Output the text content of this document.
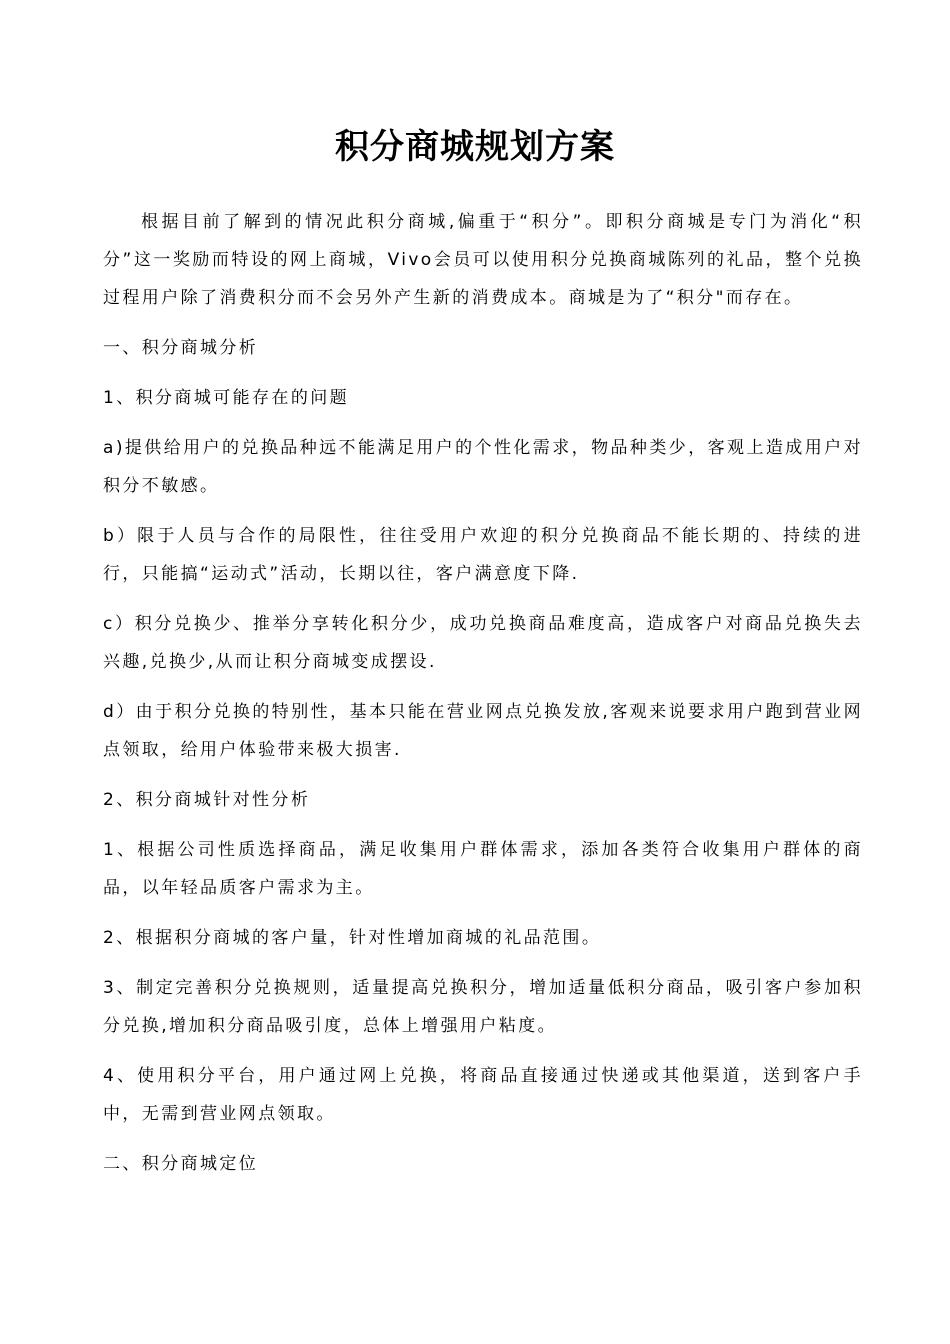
积分商城规划方案

根据目前了解到的情况此积分商城,偏重于“积分”。即积分商城是专门为消化“积分”这一奖励而特设的网上商城，Vivo会员可以使用积分兑换商城陈列的礼品，整个兑换过程用户除了消费积分而不会另外产生新的消费成本。商城是为了“积分"而存在。

一、积分商城分析

1、积分商城可能存在的问题

a)提供给用户的兑换品种远不能满足用户的个性化需求，物品种类少，客观上造成用户对积分不敏感。

b）限于人员与合作的局限性，往往受用户欢迎的积分兑换商品不能长期的、持续的进行，只能搞“运动式”活动，长期以往，客户满意度下降.

c）积分兑换少、推举分享转化积分少，成功兑换商品难度高，造成客户对商品兑换失去兴趣,兑换少,从而让积分商城变成摆设.

d）由于积分兑换的特别性，基本只能在营业网点兑换发放,客观来说要求用户跑到营业网点领取，给用户体验带来极大损害.

2、积分商城针对性分析

1、根据公司性质选择商品，满足收集用户群体需求，添加各类符合收集用户群体的商品，以年轻品质客户需求为主。

2、根据积分商城的客户量，针对性增加商城的礼品范围。

3、制定完善积分兑换规则，适量提高兑换积分，增加适量低积分商品，吸引客户参加积分兑换,增加积分商品吸引度，总体上增强用户粘度。

4、使用积分平台，用户通过网上兑换，将商品直接通过快递或其他渠道，送到客户手中，无需到营业网点领取。

二、积分商城定位
